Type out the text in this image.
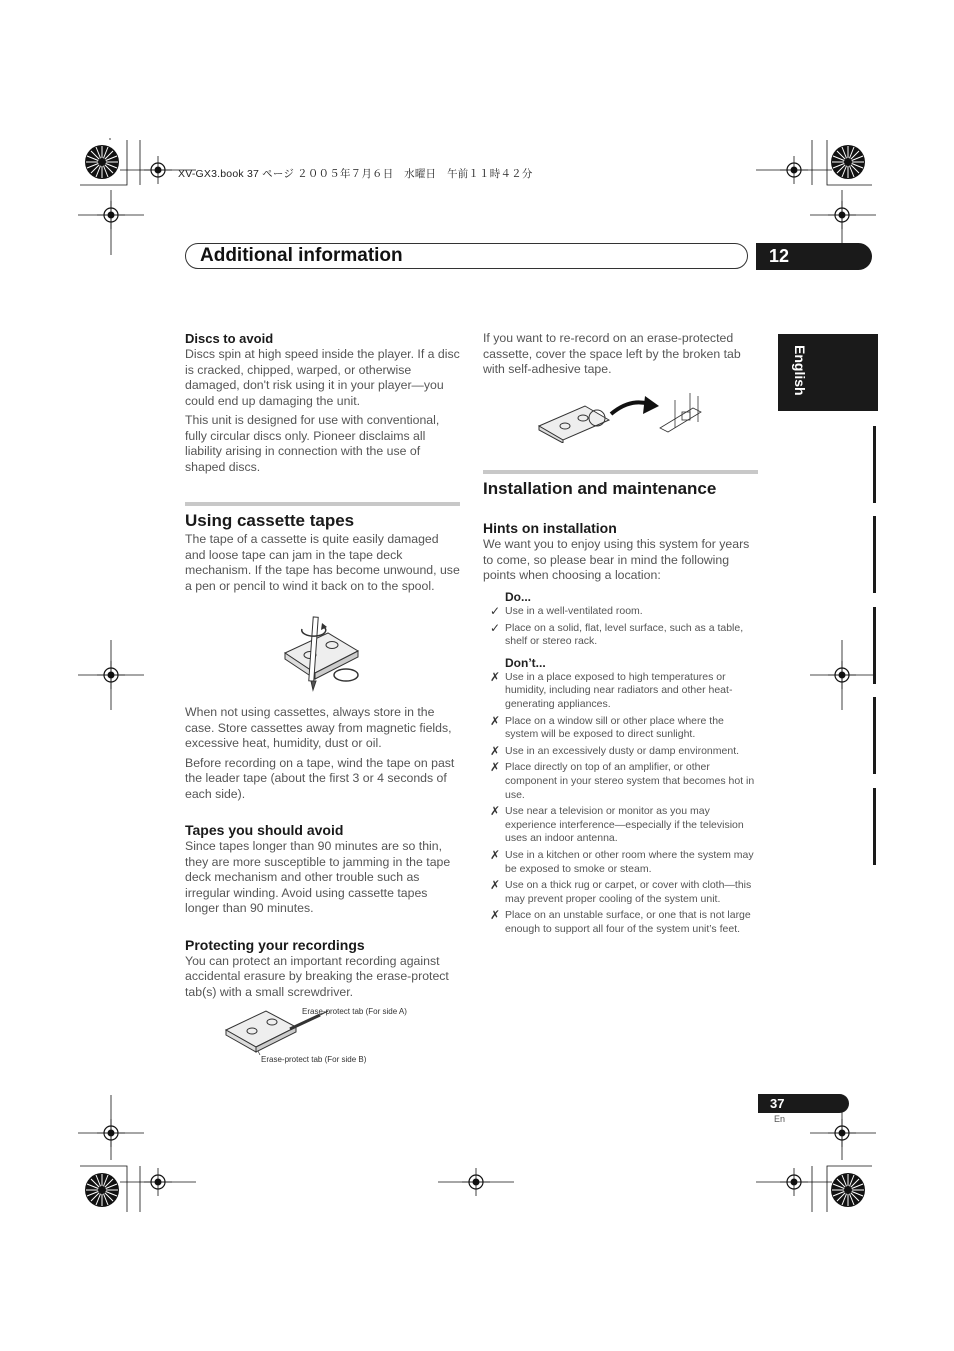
XV-GX3.book 37 ページ ２００５年７月６日　水曜日　午前１１時４２分
Additional information	12
English
Discs to avoid

Discs spin at high speed inside the player. If a disc is cracked, chipped, warped, or otherwise damaged, don't risk using it in your player—you could end up damaging the unit.

This unit is designed for use with conventional, fully circular discs only. Pioneer disclaims all liability arising in connection with the use of shaped discs.

Using cassette tapes

The tape of a cassette is quite easily damaged and loose tape can jam in the tape deck mechanism. If the tape has become unwound, use a pen or pencil to wind it back on to the spool.

When not using cassettes, always store in the case. Store cassettes away from magnetic fields, excessive heat, humidity, dust or oil.

Before recording on a tape, wind the tape on past the leader tape (about the first 3 or 4 seconds of each side).

Tapes you should avoid

Since tapes longer than 90 minutes are so thin, they are more susceptible to jamming in the tape deck mechanism and other trouble such as irregular winding. Avoid using cassette tapes longer than 90 minutes.

Protecting your recordings

You can protect an important recording against accidental erasure by breaking the erase-protect tab(s) with a small screwdriver.

Erase-protect tab (For side A)
Erase-protect tab (For side B)

If you want to re-record on an erase-protected cassette, cover the space left by the broken tab with self-adhesive tape.

Installation and maintenance
Hints on installation

We want you to enjoy using this system for years to come, so please bear in mind the following points when choosing a location:

Do...
✓ Use in a well-ventilated room.
✓ Place on a solid, flat, level surface, such as a table, shelf or stereo rack.
Don’t...
✗ Use in a place exposed to high temperatures or humidity, including near radiators and other heat-generating appliances.
✗ Place on a window sill or other place where the system will be exposed to direct sunlight.
✗ Use in an excessively dusty or damp environment.
✗ Place directly on top of an amplifier, or other component in your stereo system that becomes hot in use.
✗ Use near a television or monitor as you may experience interference—especially if the television uses an indoor antenna.
✗ Use in a kitchen or other room where the system may be exposed to smoke or steam.
✗ Use on a thick rug or carpet, or cover with cloth—this may prevent proper cooling of the system unit.
✗ Place on an unstable surface, or one that is not large enough to support all four of the system unit’s feet.
37
En
